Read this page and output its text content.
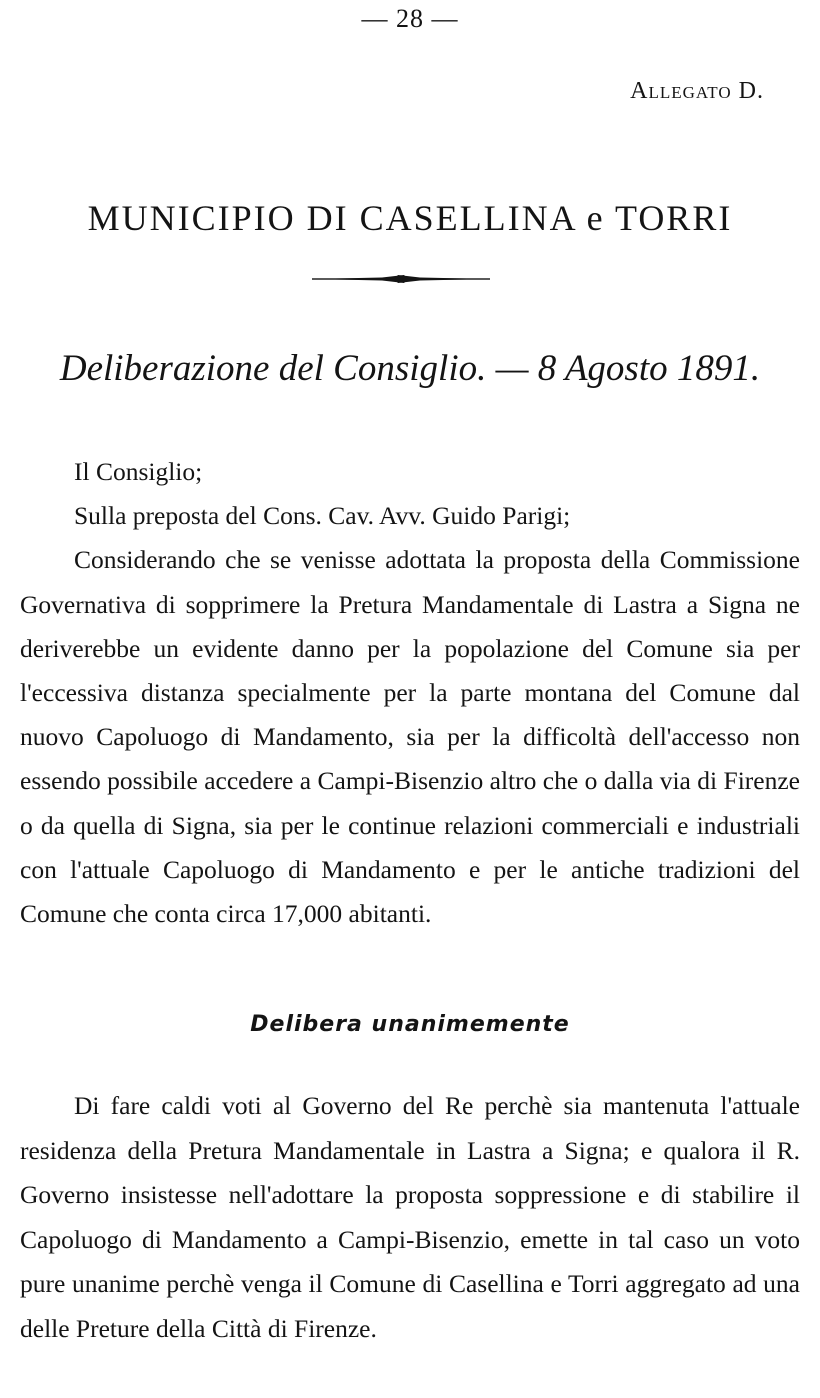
— 28 —
Allegato D.
MUNICIPIO DI CASELLINA e TORRI
Deliberazione del Consiglio. — 8 Agosto 1891.

Il Consiglio;

Sulla preposta del Cons. Cav. Avv. Guido Parigi;

Considerando che se venisse adottata la proposta della Commissione Governativa di sopprimere la Pretura Mandamentale di Lastra a Signa ne deriverebbe un evidente danno per la popolazione del Comune sia per l'eccessiva distanza specialmente per la parte montana del Comune dal nuovo Capoluogo di Mandamento, sia per la difficoltà dell'accesso non essendo possibile accedere a Campi-Bisenzio altro che o dalla via di Firenze o da quella di Signa, sia per le continue relazioni commerciali e industriali con l'attuale Capoluogo di Mandamento e per le antiche tradizioni del Comune che conta circa 17,000 abitanti.

Delibera unanimemente

Di fare caldi voti al Governo del Re perchè sia mantenuta l'attuale residenza della Pretura Mandamentale in Lastra a Signa; e qualora il R. Governo insistesse nell'adottare la proposta soppressione e di stabilire il Capoluogo di Mandamento a Campi-Bisenzio, emette in tal caso un voto pure unanime perchè venga il Comune di Casellina e Torri aggregato ad una delle Preture della Città di Firenze.
